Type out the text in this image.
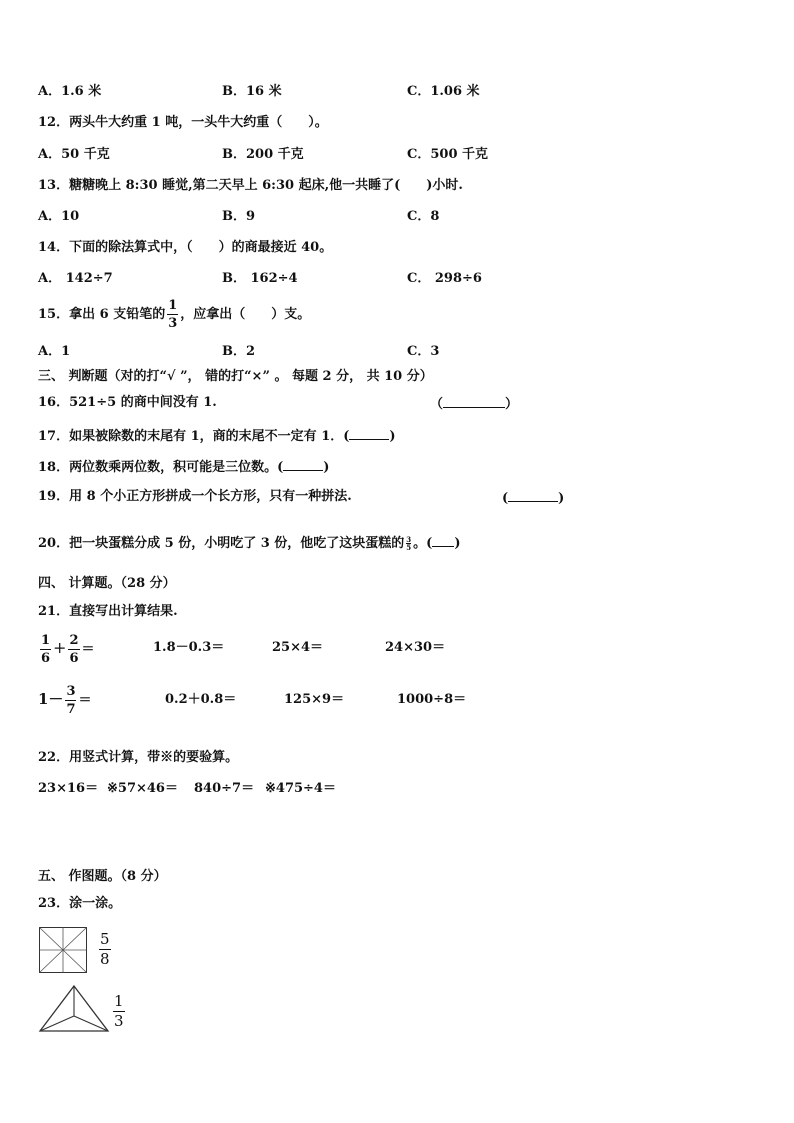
A．1.6 米	B．16 米	C．1.06 米
12．两头牛大约重 1 吨，一头牛大约重（　　）。
A．50 千克	B．200 千克	C．500 千克
13．糖糖晚上 8:30 睡觉,第二天早上 6:30 起床,他一共睡了(　　)小时.
A．10	B．9	C．8
14．下面的除法算式中，（　　）的商最接近 40。
A． 142÷7	B． 162÷4	C． 298÷6
15．拿出 6 支铅笔的 $\frac{1}{3}$ ，应拿出（　　）支。
A．1	B．2	C．3
三、 判断题（对的打“√ ”， 错的打“×” 。 每题 2 分， 共 10 分）
16．521÷5 的商中间没有 1.	（	）
17．如果被除数的末尾有 1，商的末尾不一定有 1．(	)
18．两位数乘两位数，积可能是三位数。(	)
19．用 8 个小正方形拼成一个长方形，只有一种拼法.	(	)
20．把一块蛋糕分成 5 份，小明吃了 3 份，他吃了这块蛋糕的 $\frac{3}{5}$ 。( )
四、 计算题。（28 分）
21．直接写出计算结果.
$\frac{1}{6} + \frac{2}{6}$ ＝	1.8－0.3＝	25×4＝	24×30＝
$1- \frac{3}{7}$ ＝	0.2＋0.8＝	125×9＝	1000÷8＝
22．用竖式计算，带※的要验算。
23×16＝ ※57×46＝ 840÷7＝ ※475÷4＝
五、 作图题。（8 分）
23．涂一涂。
$\frac{5}{8}$
$\frac{1}{3}$
